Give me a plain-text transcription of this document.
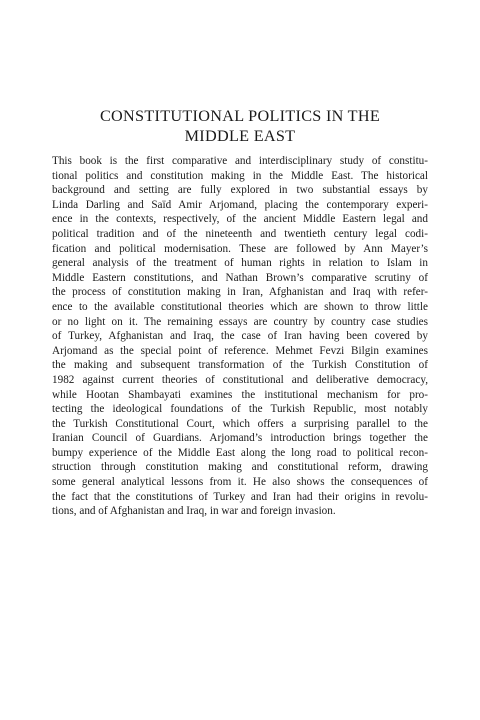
CONSTITUTIONAL POLITICS IN THE
MIDDLE EAST
This book is the first comparative and interdisciplinary study of constitu-
tional politics and constitution making in the Middle East. The historical
background and setting are fully explored in two substantial essays by
Linda Darling and Saïd Amir Arjomand, placing the contemporary experi-
ence in the contexts, respectively, of the ancient Middle Eastern legal and
political tradition and of the nineteenth and twentieth century legal codi-
fication and political modernisation. These are followed by Ann Mayer’s
general analysis of the treatment of human rights in relation to Islam in
Middle Eastern constitutions, and Nathan Brown’s comparative scrutiny of
the process of constitution making in Iran, Afghanistan and Iraq with refer-
ence to the available constitutional theories which are shown to throw little
or no light on it. The remaining essays are country by country case studies
of Turkey, Afghanistan and Iraq, the case of Iran having been covered by
Arjomand as the special point of reference. Mehmet Fevzi Bilgin examines
the making and subsequent transformation of the Turkish Constitution of
1982 against current theories of constitutional and deliberative democracy,
while Hootan Shambayati examines the institutional mechanism for pro-
tecting the ideological foundations of the Turkish Republic, most notably
the Turkish Constitutional Court, which offers a surprising parallel to the
Iranian Council of Guardians. Arjomand’s introduction brings together the
bumpy experience of the Middle East along the long road to political recon-
struction through constitution making and constitutional reform, drawing
some general analytical lessons from it. He also shows the consequences of
the fact that the constitutions of Turkey and Iran had their origins in revolu-
tions, and of Afghanistan and Iraq, in war and foreign invasion.
